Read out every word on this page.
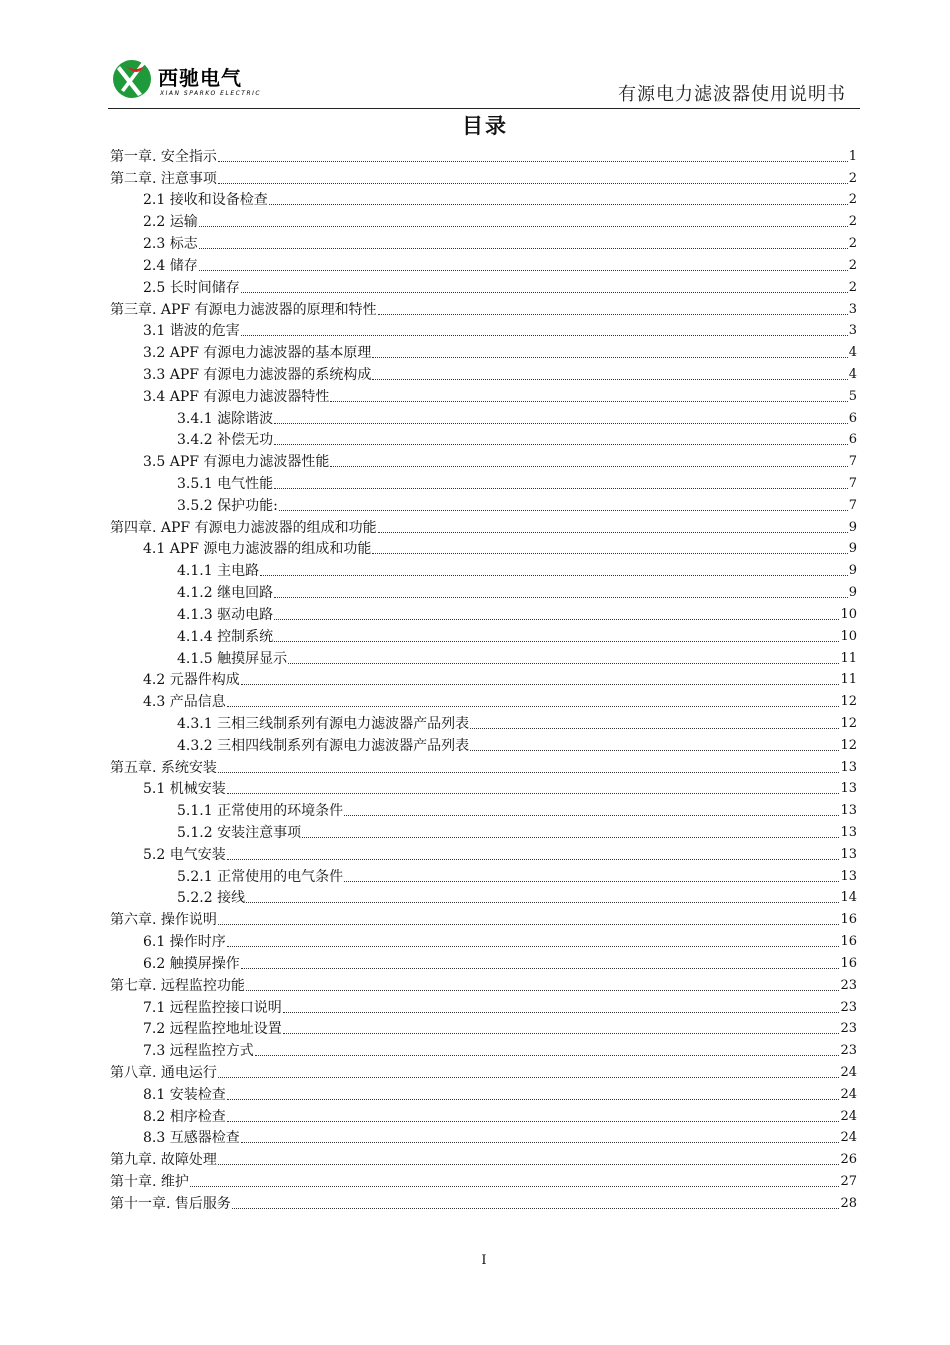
西驰电气
XIAN SPARKO ELECTRIC	有源电力滤波器使用说明书
目录
第一章. 安全指示	1
第二章. 注意事项	2
2.1 接收和设备检查	2
2.2 运输	2
2.3 标志	2
2.4 储存	2
2.5 长时间储存	2
第三章. APF 有源电力滤波器的原理和特性	3
3.1 谐波的危害	3
3.2 APF 有源电力滤波器的基本原理	4
3.3 APF 有源电力滤波器的系统构成	4
3.4 APF 有源电力滤波器特性	5
3.4.1 滤除谐波	6
3.4.2 补偿无功	6
3.5 APF 有源电力滤波器性能	7
3.5.1 电气性能	7
3.5.2 保护功能:	7
第四章. APF 有源电力滤波器的组成和功能	9
4.1 APF 源电力滤波器的组成和功能	9
4.1.1 主电路	9
4.1.2 继电回路	9
4.1.3 驱动电路	10
4.1.4 控制系统	10
4.1.5 触摸屏显示	11
4.2 元器件构成	11
4.3 产品信息	12
4.3.1 三相三线制系列有源电力滤波器产品列表	12
4.3.2 三相四线制系列有源电力滤波器产品列表	12
第五章. 系统安装	13
5.1 机械安装	13
5.1.1 正常使用的环境条件	13
5.1.2 安装注意事项	13
5.2 电气安装	13
5.2.1 正常使用的电气条件	13
5.2.2 接线	14
第六章. 操作说明	16
6.1 操作时序	16
6.2 触摸屏操作	16
第七章. 远程监控功能	23
7.1 远程监控接口说明	23
7.2 远程监控地址设置	23
7.3 远程监控方式	23
第八章. 通电运行	24
8.1 安装检查	24
8.2 相序检查	24
8.3 互感器检查	24
第九章. 故障处理	26
第十章. 维护	27
第十一章. 售后服务	28
I
